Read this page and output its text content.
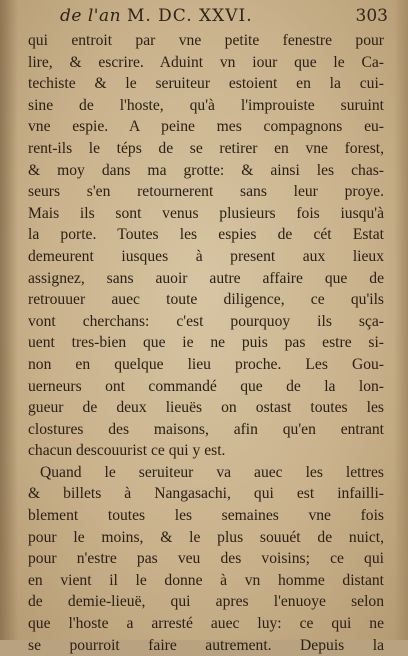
de l'an M. DC. XXVI.	303
qui entroit par vne petite fenestre pour
lire, & escrire. Aduint vn iour que le Ca-
techiste & le seruiteur estoient en la cui-
sine de l'hoste, qu'à l'improuiste suruint
vne espie. A peine mes compagnons eu-
rent-ils le téps de se retirer en vne forest,
& moy dans ma grotte: & ainsi les chas-
seurs s'en retournerent sans leur proye.
Mais ils sont venus plusieurs fois iusqu'à
la porte. Toutes les espies de cét Estat
demeurent iusques à present aux lieux
assignez, sans auoir autre affaire que de
retrouuer auec toute diligence, ce qu'ils
vont cherchans: c'est pourquoy ils sça-
uent tres-bien que ie ne puis pas estre si-
non en quelque lieu proche. Les Gou-
uerneurs ont commandé que de la lon-
gueur de deux lieuës on ostast toutes les
clostures des maisons, afin qu'en entrant
chacun descouurist ce qui y est.
Quand le seruiteur va auec les lettres
& billets à Nangasachi, qui est infailli-
blement toutes les semaines vne fois
pour le moins, & le plus souuét de nuict,
pour n'estre pas veu des voisins; ce qui
en vient il le donne à vn homme distant
de demie-lieuë, qui apres l'enuoye selon
que l'hoste a arresté auec luy: ce qui ne
se pourroit faire autrement. Depuis la
